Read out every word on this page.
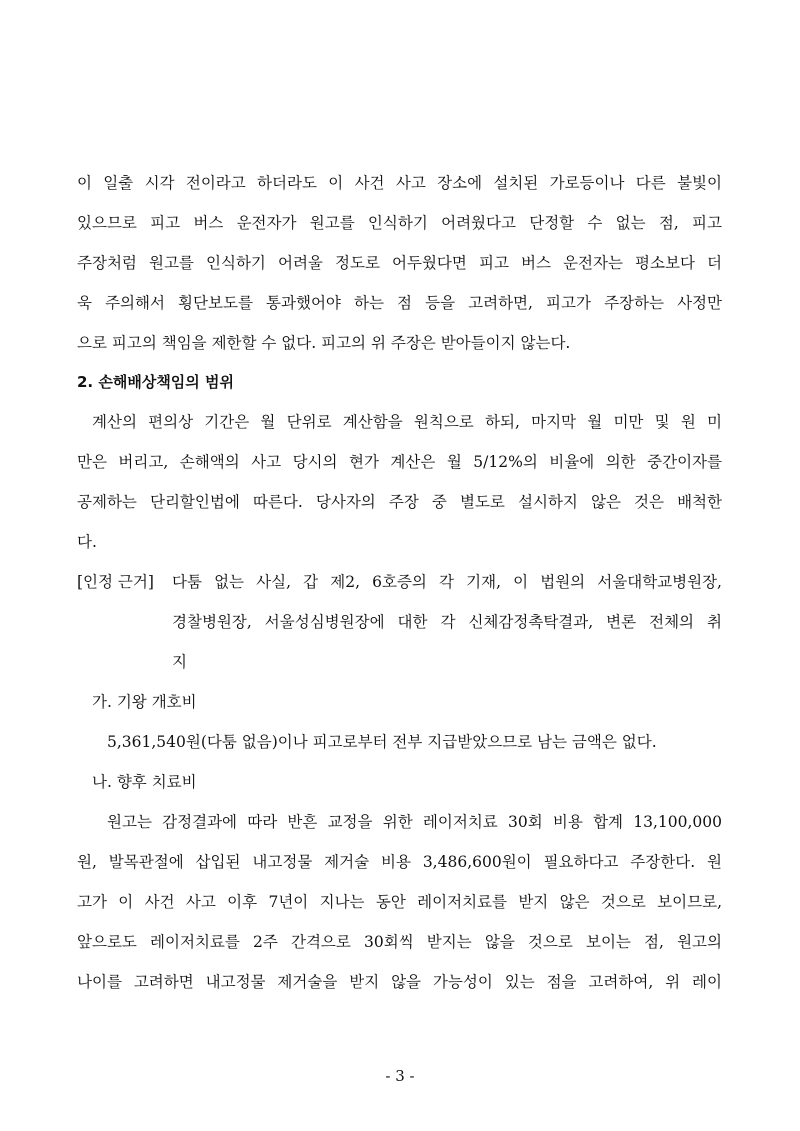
이 일출 시각 전이라고 하더라도 이 사건 사고 장소에 설치된 가로등이나 다른 불빛이
있으므로 피고 버스 운전자가 원고를 인식하기 어려웠다고 단정할 수 없는 점, 피고
주장처럼 원고를 인식하기 어려울 정도로 어두웠다면 피고 버스 운전자는 평소보다 더
욱 주의해서 횡단보도를 통과했어야 하는 점 등을 고려하면, 피고가 주장하는 사정만
으로 피고의 책임을 제한할 수 없다. 피고의 위 주장은 받아들이지 않는다.
2. 손해배상책임의 범위
계산의 편의상 기간은 월 단위로 계산함을 원칙으로 하되, 마지막 월 미만 및 원 미
만은 버리고, 손해액의 사고 당시의 현가 계산은 월 5/12%의 비율에 의한 중간이자를
공제하는 단리할인법에 따른다. 당사자의 주장 중 별도로 설시하지 않은 것은 배척한
다.
[인정 근거]	다툼 없는 사실, 갑 제2, 6호증의 각 기재, 이 법원의 서울대학교병원장,
경찰병원장, 서울성심병원장에 대한 각 신체감정촉탁결과, 변론 전체의 취
지
가. 기왕 개호비
5,361,540원(다툼 없음)이나 피고로부터 전부 지급받았으므로 남는 금액은 없다.
나. 향후 치료비
원고는 감정결과에 따라 반흔 교정을 위한 레이저치료 30회 비용 합계 13,100,000
원, 발목관절에 삽입된 내고정물 제거술 비용 3,486,600원이 필요하다고 주장한다. 원
고가 이 사건 사고 이후 7년이 지나는 동안 레이저치료를 받지 않은 것으로 보이므로,
앞으로도 레이저치료를 2주 간격으로 30회씩 받지는 않을 것으로 보이는 점, 원고의
나이를 고려하면 내고정물 제거술을 받지 않을 가능성이 있는 점을 고려하여, 위 레이
- 3 -
